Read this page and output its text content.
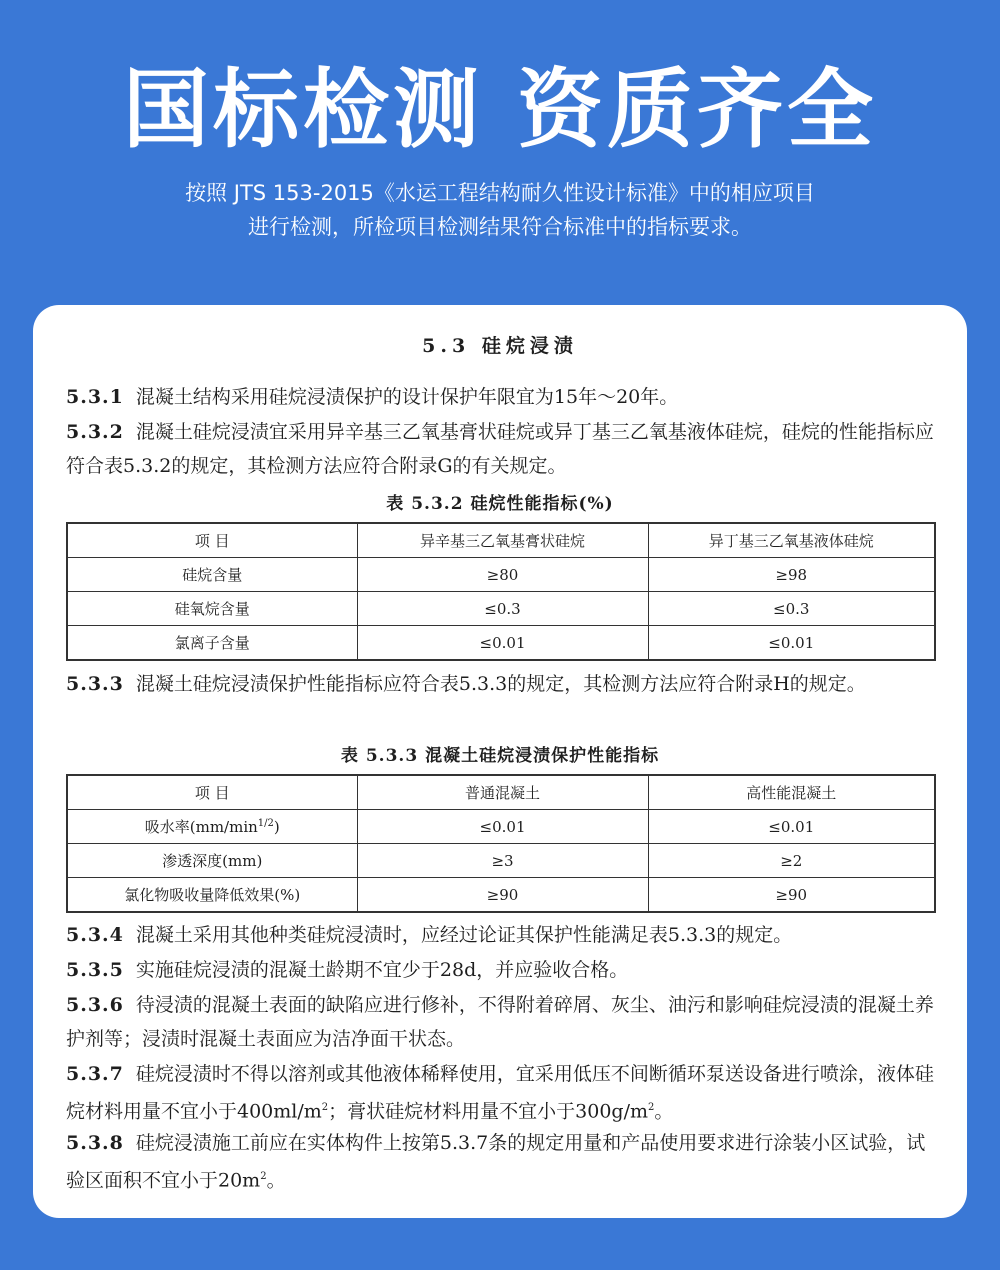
国标检测 资质齐全
按照 JTS 153-2015《水运工程结构耐久性设计标准》中的相应项目
进行检测，所检项目检测结果符合标准中的指标要求。
5.3 硅烷浸渍
5.3.1 混凝土结构采用硅烷浸渍保护的设计保护年限宜为15年～20年。
5.3.2 混凝土硅烷浸渍宜采用异辛基三乙氧基膏状硅烷或异丁基三乙氧基液体硅烷，硅烷的性能指标应符合表5.3.2的规定，其检测方法应符合附录G的有关规定。
表 5.3.2 硅烷性能指标(%)
项 目	异辛基三乙氧基膏状硅烷	异丁基三乙氧基液体硅烷
硅烷含量	≥80	≥98
硅氧烷含量	≤0.3	≤0.3
氯离子含量	≤0.01	≤0.01
5.3.3 混凝土硅烷浸渍保护性能指标应符合表5.3.3的规定，其检测方法应符合附录H的规定。
表 5.3.3 混凝土硅烷浸渍保护性能指标
项 目	普通混凝土	高性能混凝土
吸水率$(mm/\min^{1/2})$	≤0.01	≤0.01
渗透深度(mm)	≥3	≥2
氯化物吸收量降低效果(%)	≥90	≥90
5.3.4 混凝土采用其他种类硅烷浸渍时，应经过论证其保护性能满足表5.3.3的规定。
5.3.5 实施硅烷浸渍的混凝土龄期不宜少于28d，并应验收合格。
5.3.6 待浸渍的混凝土表面的缺陷应进行修补，不得附着碎屑、灰尘、油污和影响硅烷浸渍的混凝土养护剂等；浸渍时混凝土表面应为洁净面干状态。
5.3.7 硅烷浸渍时不得以溶剂或其他液体稀释使用，宜采用低压不间断循环泵送设备进行喷涂，液体硅烷材料用量不宜小于$400ml/m^2$；膏状硅烷材料用量不宜小于$300g/m^2$。
5.3.8 硅烷浸渍施工前应在实体构件上按第5.3.7条的规定用量和产品使用要求进行涂装小区试验，试验区面积不宜小于$20m^2$。
